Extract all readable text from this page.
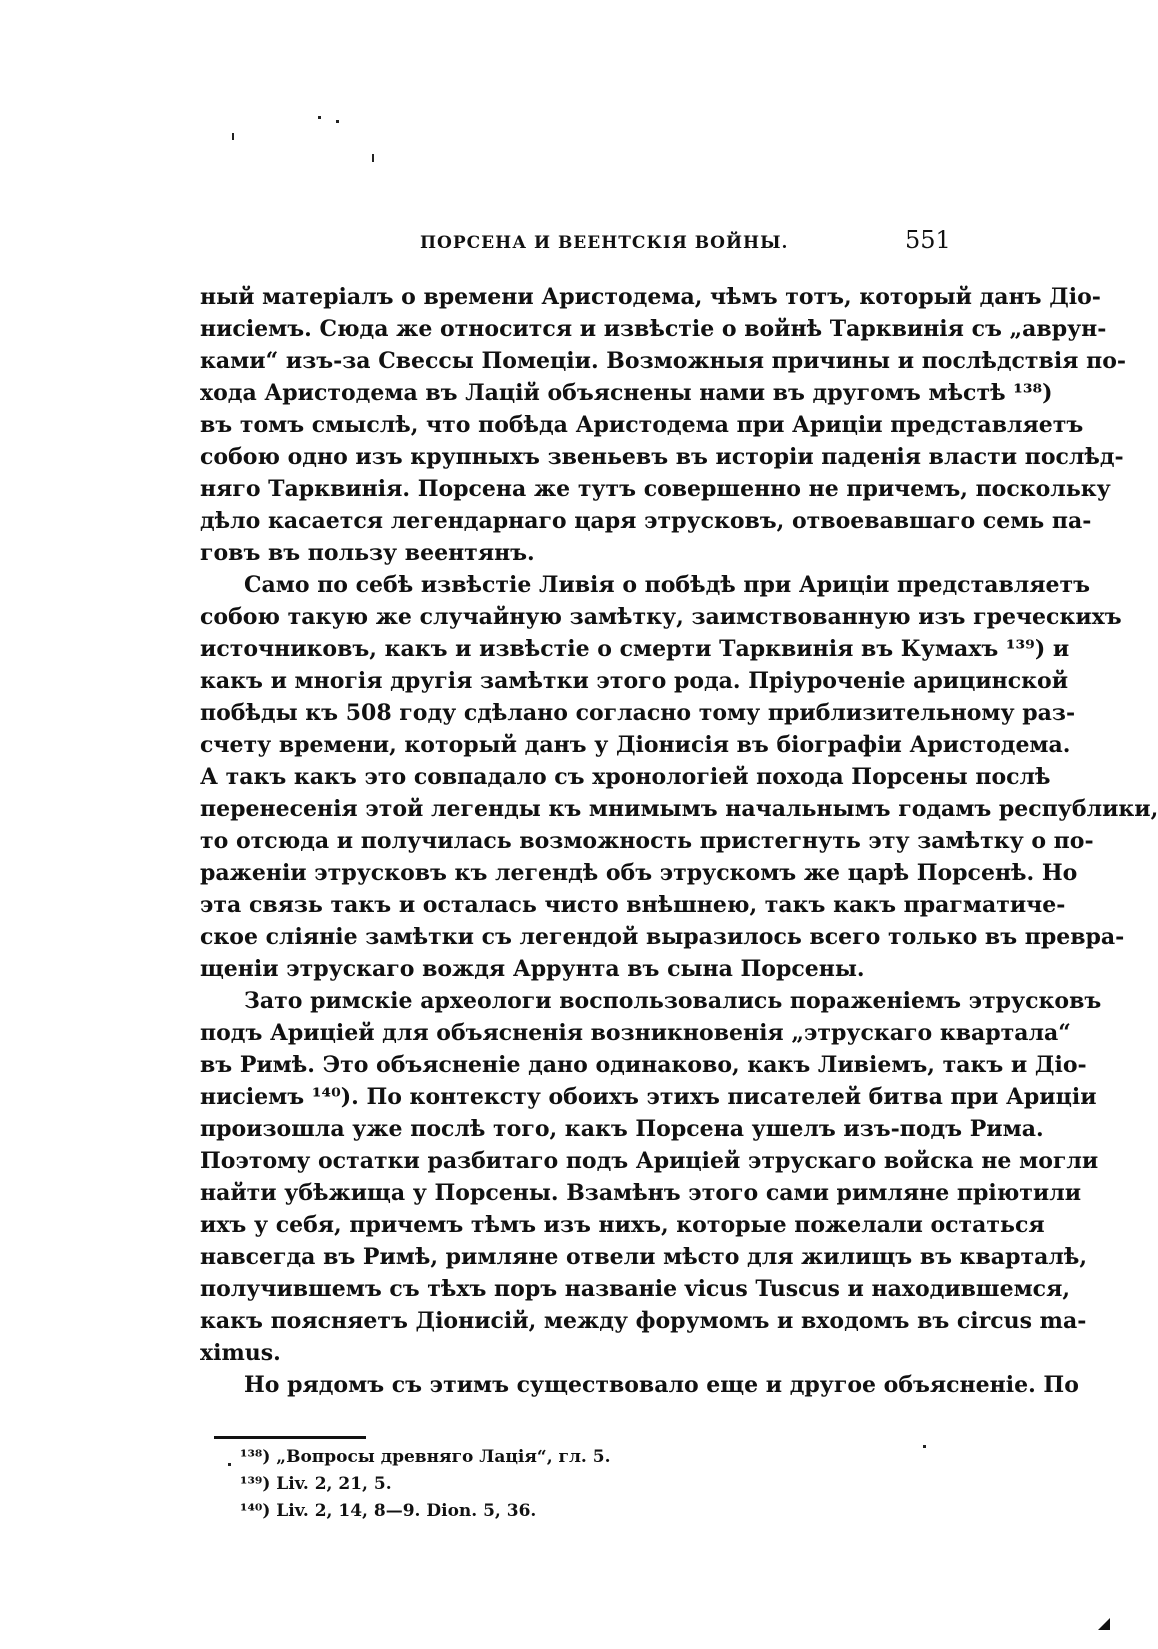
ПОРСЕНА И ВЕЕНТСКIЯ ВОЙНЫ.	551
ный матерiалъ о времени Аристодема, чѣмъ тотъ, который данъ Дiо-
нисiемъ. Сюда же относится и извѣстiе о войнѣ Тарквинiя съ „аврун-
ками“ изъ-за Свессы Помецiи. Возможныя причины и послѣдствiя по-
хода Аристодема въ Лацiй объяснены нами въ другомъ мѣстѣ ¹³⁸)
въ томъ смыслѣ, что побѣда Аристодема при Арицiи представляетъ
собою одно изъ крупныхъ звеньевъ въ исторiи паденiя власти послѣд-
няго Тарквинiя. Порсена же тутъ совершенно не причемъ, поскольку
дѣло касается легендарнаго царя этрусковъ, отвоевавшаго семь па-
говъ въ пользу веентянъ.
Само по себѣ извѣстiе Ливiя о побѣдѣ при Арицiи представляетъ
собою такую же случайную замѣтку, заимствованную изъ греческихъ
источниковъ, какъ и извѣстiе о смерти Тарквинiя въ Кумахъ ¹³⁹) и
какъ и многiя другiя замѣтки этого рода. Прiуроченiе арицинской
побѣды къ 508 году сдѣлано согласно тому приблизительному раз-
счету времени, который данъ у Дiонисiя въ бiографiи Аристодема.
А такъ какъ это совпадало съ хронологiей похода Порсены послѣ
перенесенiя этой легенды къ мнимымъ начальнымъ годамъ республики,
то отсюда и получилась возможность пристегнуть эту замѣтку о по-
раженiи этрусковъ къ легендѣ объ этрускомъ же царѣ Порсенѣ. Но
эта связь такъ и осталась чисто внѣшнею, такъ какъ прагматиче-
ское слiянiе замѣтки съ легендой выразилось всего только въ превра-
щенiи этрускаго вождя Аррунта въ сына Порсены.
Зато римскiе археологи воспользовались пораженiемъ этрусковъ
подъ Арицiей для объясненiя возникновенiя „этрускаго квартала“
въ Римѣ. Это объясненiе дано одинаково, какъ Ливiемъ, такъ и Дiо-
нисiемъ ¹⁴⁰). По контексту обоихъ этихъ писателей битва при Арицiи
произошла уже послѣ того, какъ Порсена ушелъ изъ-подъ Рима.
Поэтому остатки разбитаго подъ Арицiей этрускаго войска не могли
найти убѣжища у Порсены. Взамѣнъ этого сами римляне прiютили
ихъ у себя, причемъ тѣмъ изъ нихъ, которые пожелали остаться
навсегда въ Римѣ, римляне отвели мѣсто для жилищъ въ кварталѣ,
получившемъ съ тѣхъ поръ названiе vicus Tuscus и находившемся,
какъ поясняетъ Дiонисiй, между форумомъ и входомъ въ circus ma-
ximus.
Но рядомъ съ этимъ существовало еще и другое объясненiе. По
¹³⁸) „Вопросы древняго Лацiя“, гл. 5.
¹³⁹) Liv. 2, 21, 5.
¹⁴⁰) Liv. 2, 14, 8—9. Dion. 5, 36.
